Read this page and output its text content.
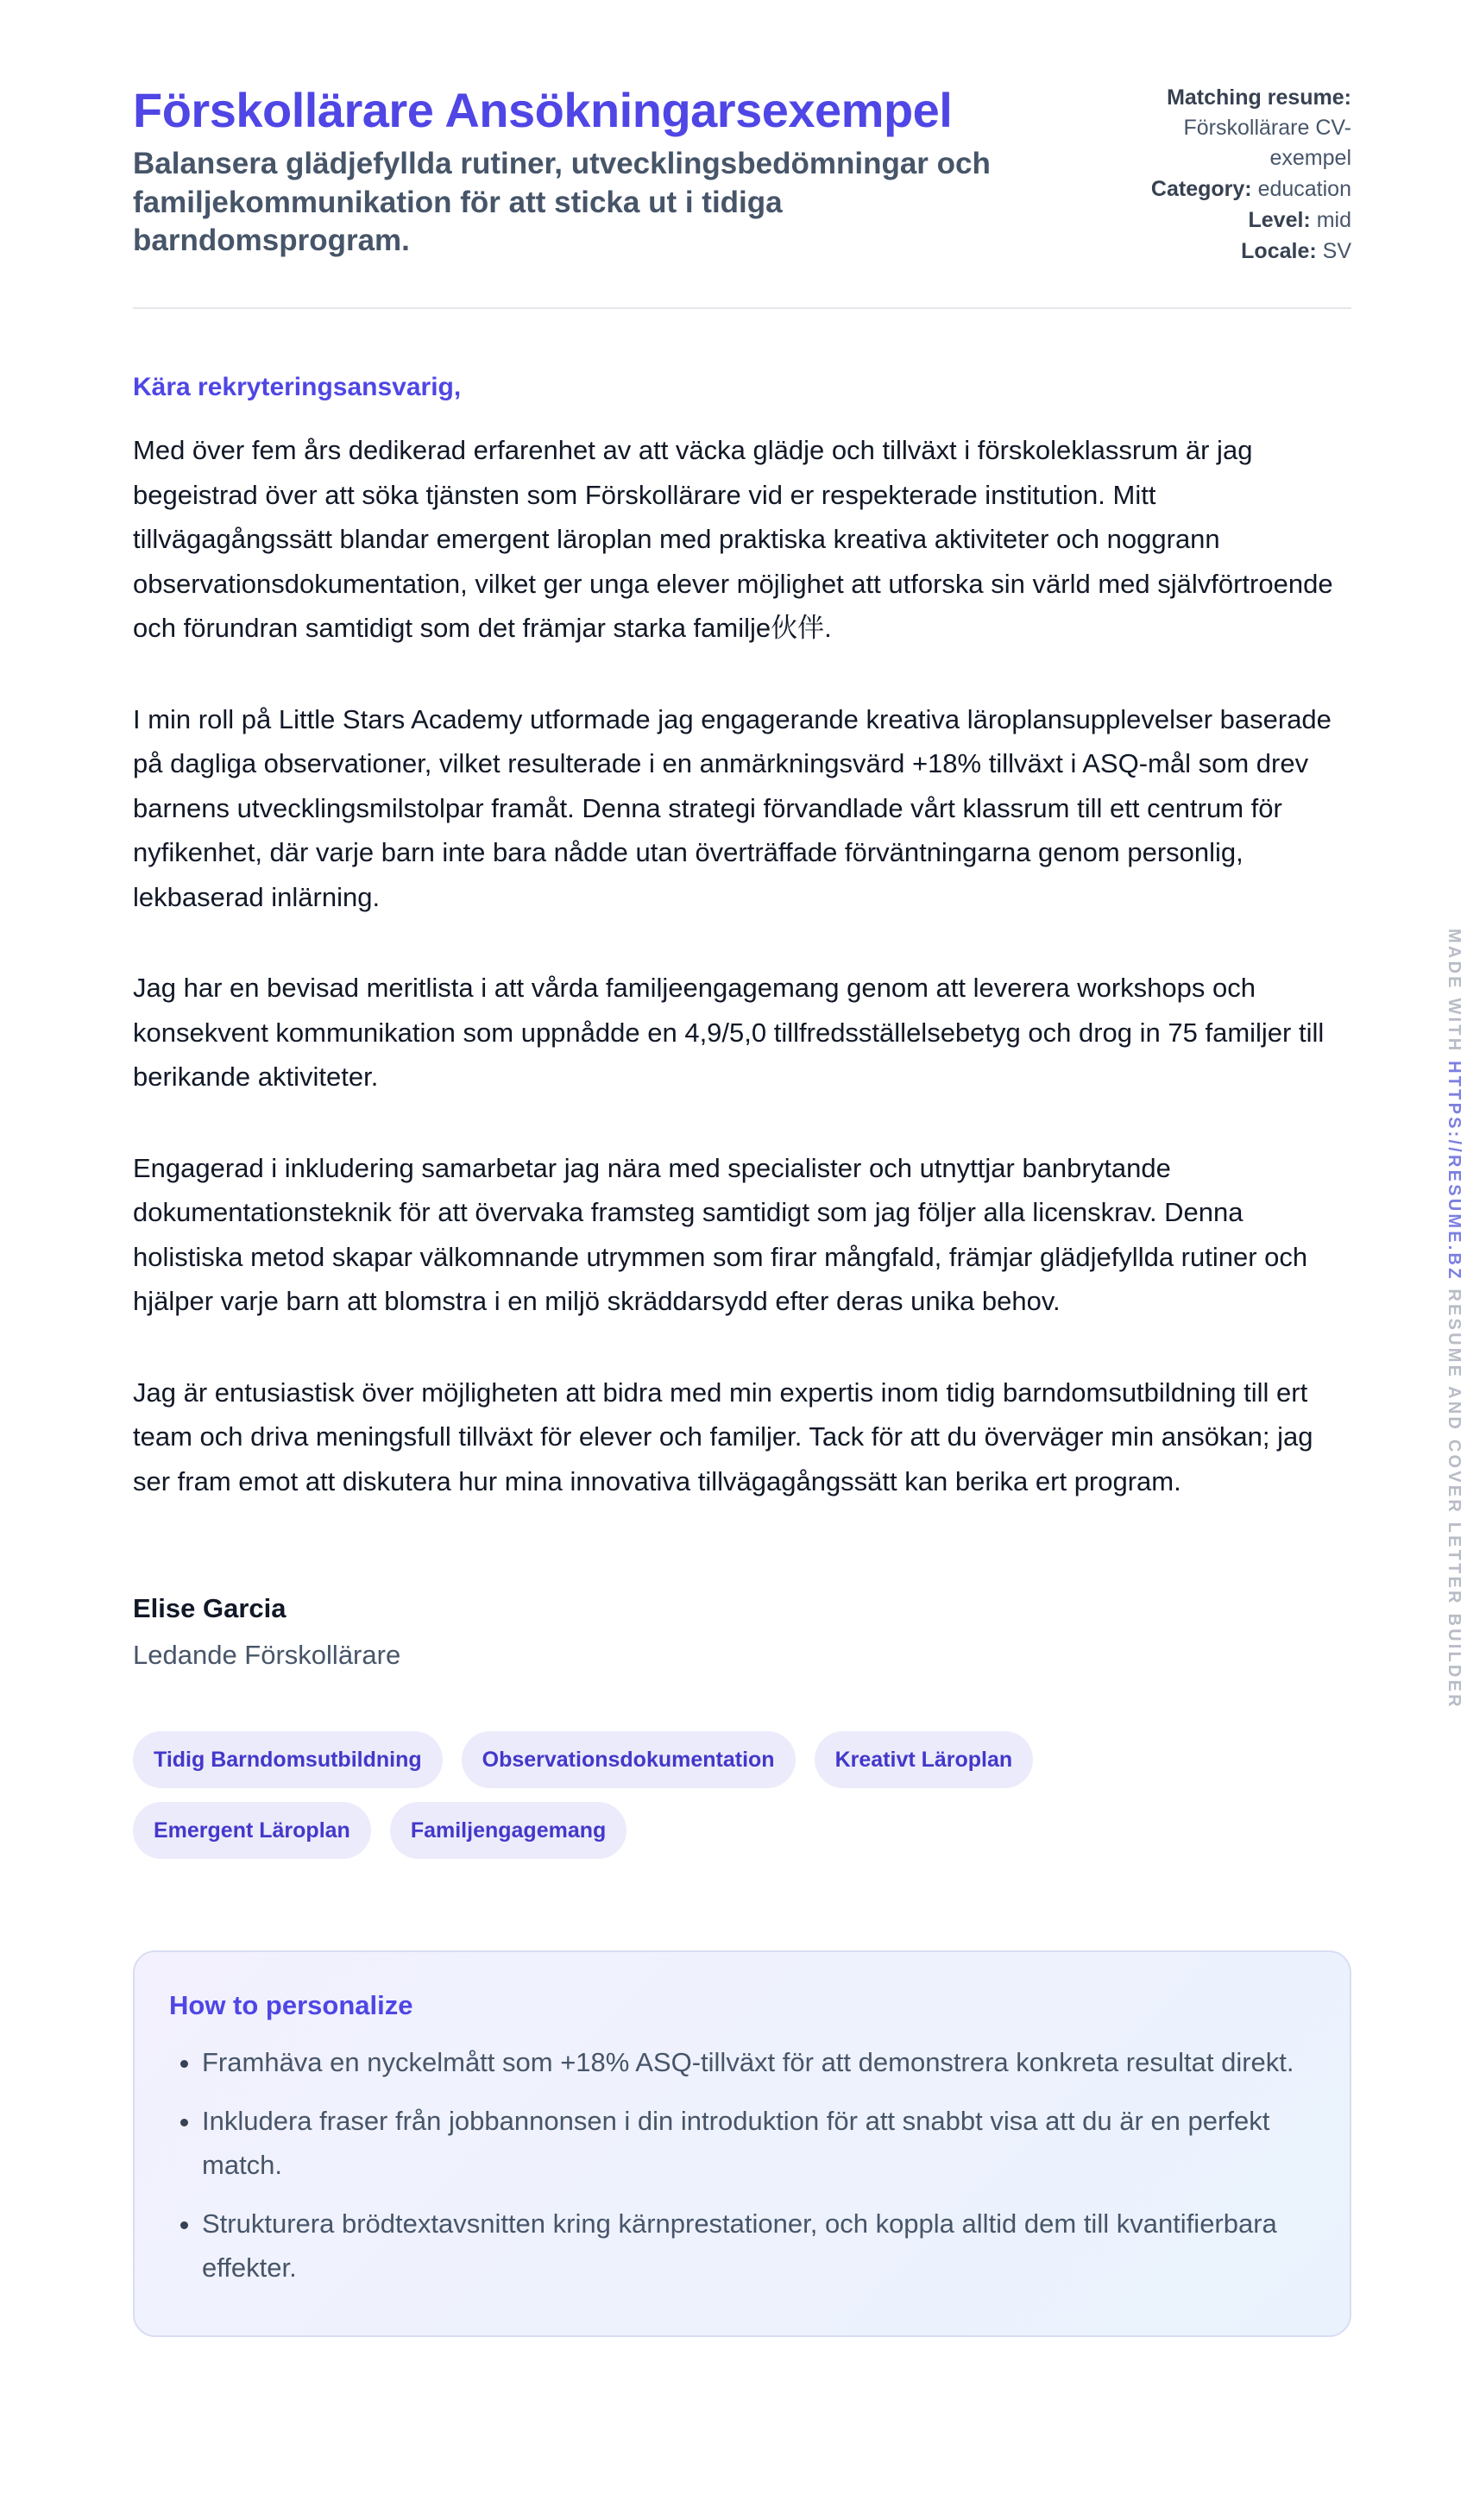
Förskollärare Ansökningarsexempel
Balansera glädjefyllda rutiner, utvecklingsbedömningar och familjekommunikation för att sticka ut i tidiga barndomsprogram.
Matching resume:
Förskollärare CV-exempel
Category: education
Level: mid
Locale: SV

Kära rekryteringsansvarig,

Med över fem års dedikerad erfarenhet av att väcka glädje och tillväxt i förskoleklassrum är jag begeistrad över att söka tjänsten som Förskollärare vid er respekterade institution. Mitt tillvägagångssätt blandar emergent läroplan med praktiska kreativa aktiviteter och noggrann observationsdokumentation, vilket ger unga elever möjlighet att utforska sin värld med självförtroende och förundran samtidigt som det främjar starka familje伙伴.

I min roll på Little Stars Academy utformade jag engagerande kreativa läroplansupplevelser baserade på dagliga observationer, vilket resulterade i en anmärkningsvärd +18% tillväxt i ASQ-mål som drev barnens utvecklingsmilstolpar framåt. Denna strategi förvandlade vårt klassrum till ett centrum för nyfikenhet, där varje barn inte bara nådde utan överträffade förväntningarna genom personlig, lekbaserad inlärning.

Jag har en bevisad meritlista i att vårda familjeengagemang genom att leverera workshops och konsekvent kommunikation som uppnådde en 4,9/5,0 tillfredsställelsebetyg och drog in 75 familjer till berikande aktiviteter.

Engagerad i inkludering samarbetar jag nära med specialister och utnyttjar banbrytande dokumentationsteknik för att övervaka framsteg samtidigt som jag följer alla licenskrav. Denna holistiska metod skapar välkomnande utrymmen som firar mångfald, främjar glädjefyllda rutiner och hjälper varje barn att blomstra i en miljö skräddarsydd efter deras unika behov.

Jag är entusiastisk över möjligheten att bidra med min expertis inom tidig barndomsutbildning till ert team och driva meningsfull tillväxt för elever och familjer. Tack för att du överväger min ansökan; jag ser fram emot att diskutera hur mina innovativa tillvägagångssätt kan berika ert program.

Elise Garcia
Ledande Förskollärare
Tidig Barndomsutbildning	Observationsdokumentation	Kreativt Läroplan
Emergent Läroplan	Familjengagemang
How to personalize
• Framhäva en nyckelmått som +18% ASQ-tillväxt för att demonstrera konkreta resultat direkt.
• Inkludera fraser från jobbannonsen i din introduktion för att snabbt visa att du är en perfekt match.
• Strukturera brödtextavsnitten kring kärnprestationer, och koppla alltid dem till kvantifierbara effekter.
MADE WITH HTTPS://RESUME.BZ RESUME AND COVER LETTER BUILDER
